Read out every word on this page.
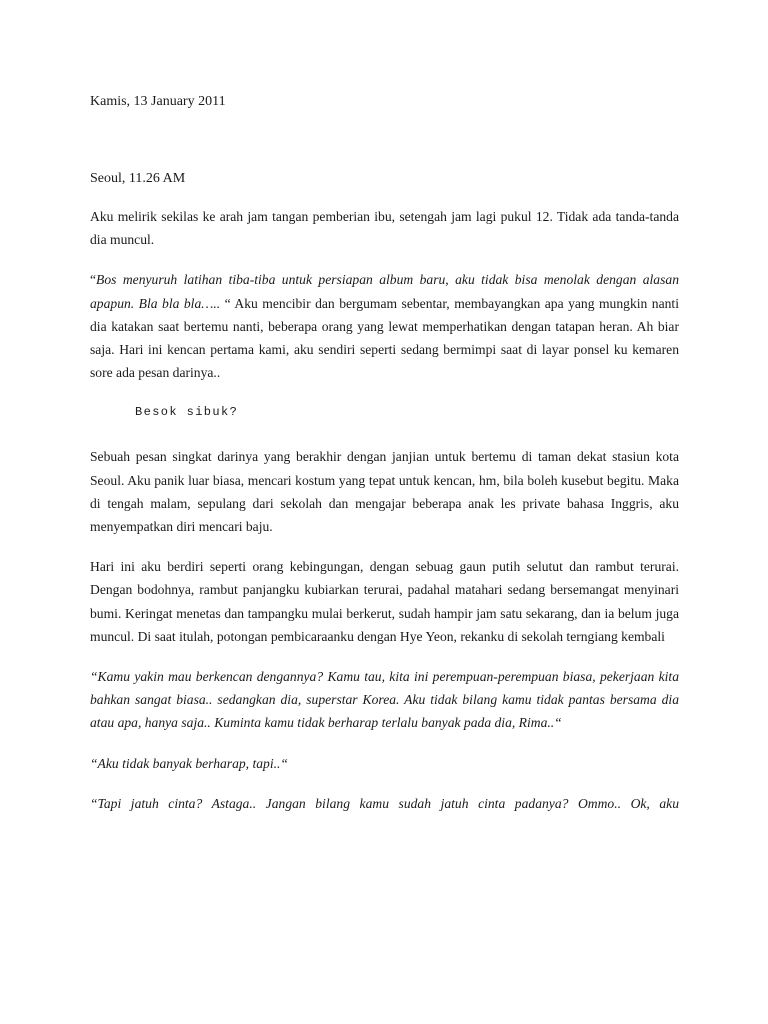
Kamis, 13 January 2011

Seoul, 11.26 AM

Aku melirik sekilas ke arah jam tangan pemberian ibu, setengah jam lagi pukul 12. Tidak ada tanda-tanda dia muncul.

“Bos menyuruh latihan tiba-tiba untuk persiapan album baru, aku tidak bisa menolak dengan alasan apapun. Bla bla bla….. “ Aku mencibir dan bergumam sebentar, membayangkan apa yang mungkin nanti dia katakan saat bertemu nanti, beberapa orang yang lewat memperhatikan dengan tatapan heran. Ah biar saja. Hari ini kencan pertama kami, aku sendiri seperti sedang bermimpi saat di layar ponsel ku kemaren sore ada pesan darinya..

Besok sibuk?

Sebuah pesan singkat darinya yang berakhir dengan janjian untuk bertemu di taman dekat stasiun kota Seoul. Aku panik luar biasa, mencari kostum yang tepat untuk kencan, hm, bila boleh kusebut begitu. Maka di tengah malam, sepulang dari sekolah dan mengajar beberapa anak les private bahasa Inggris, aku menyempatkan diri mencari baju.

Hari ini aku berdiri seperti orang kebingungan, dengan sebuag gaun putih selutut dan rambut terurai. Dengan bodohnya, rambut panjangku kubiarkan terurai, padahal matahari sedang bersemangat menyinari bumi. Keringat menetas dan tampangku mulai berkerut, sudah hampir jam satu sekarang, dan ia belum juga muncul. Di saat itulah, potongan pembicaraanku dengan Hye Yeon, rekanku di sekolah terngiang kembali

“Kamu yakin mau berkencan dengannya? Kamu tau, kita ini perempuan-perempuan biasa, pekerjaan kita bahkan sangat biasa.. sedangkan dia, superstar Korea. Aku tidak bilang kamu tidak pantas bersama dia atau apa, hanya saja.. Kuminta kamu tidak berharap terlalu banyak pada dia, Rima..“

“Aku tidak banyak berharap, tapi..“

“Tapi jatuh cinta? Astaga.. Jangan bilang kamu sudah jatuh cinta padanya? Ommo.. Ok, aku
